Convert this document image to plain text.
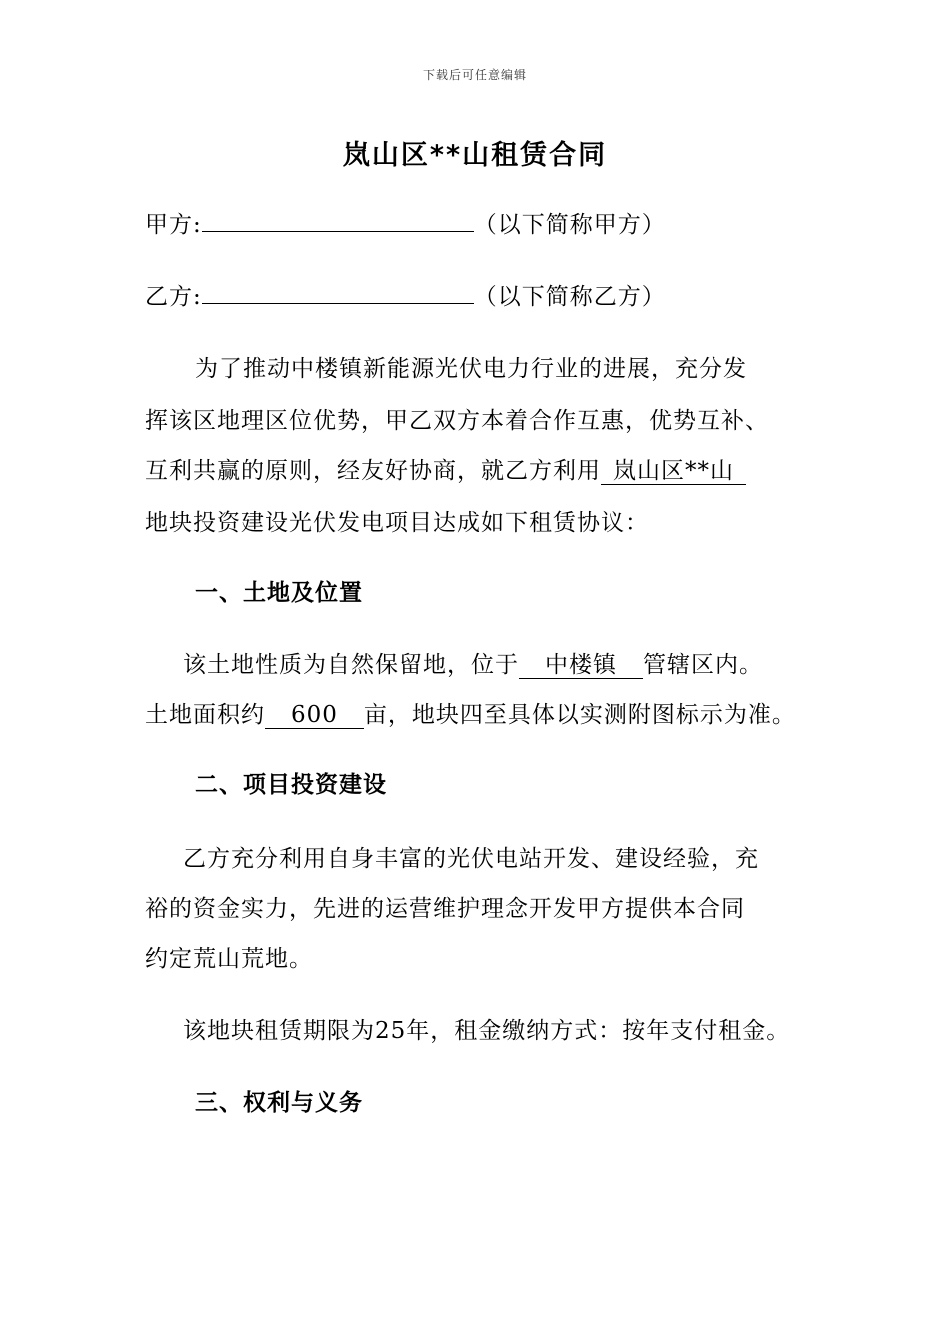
下载后可任意编辑
岚山区**山租赁合同
甲方:	（以下简称甲方）
乙方:	（以下简称乙方）
为了推动中楼镇新能源光伏电力行业的进展，充分发
挥该区地理区位优势，甲乙双方本着合作互惠，优势互补、
互利共赢的原则，经友好协商，就乙方利用 岚山区**山
地块投资建设光伏发电项目达成如下租赁协议：
一、土地及位置
该土地性质为自然保留地，位于 中楼镇 管辖区内。
土地面积约 600 亩，地块四至具体以实测附图标示为准。
二、项目投资建设
乙方充分利用自身丰富的光伏电站开发、建设经验，充
裕的资金实力，先进的运营维护理念开发甲方提供本合同
约定荒山荒地。
该地块租赁期限为25年，租金缴纳方式：按年支付租金。
三、权利与义务
